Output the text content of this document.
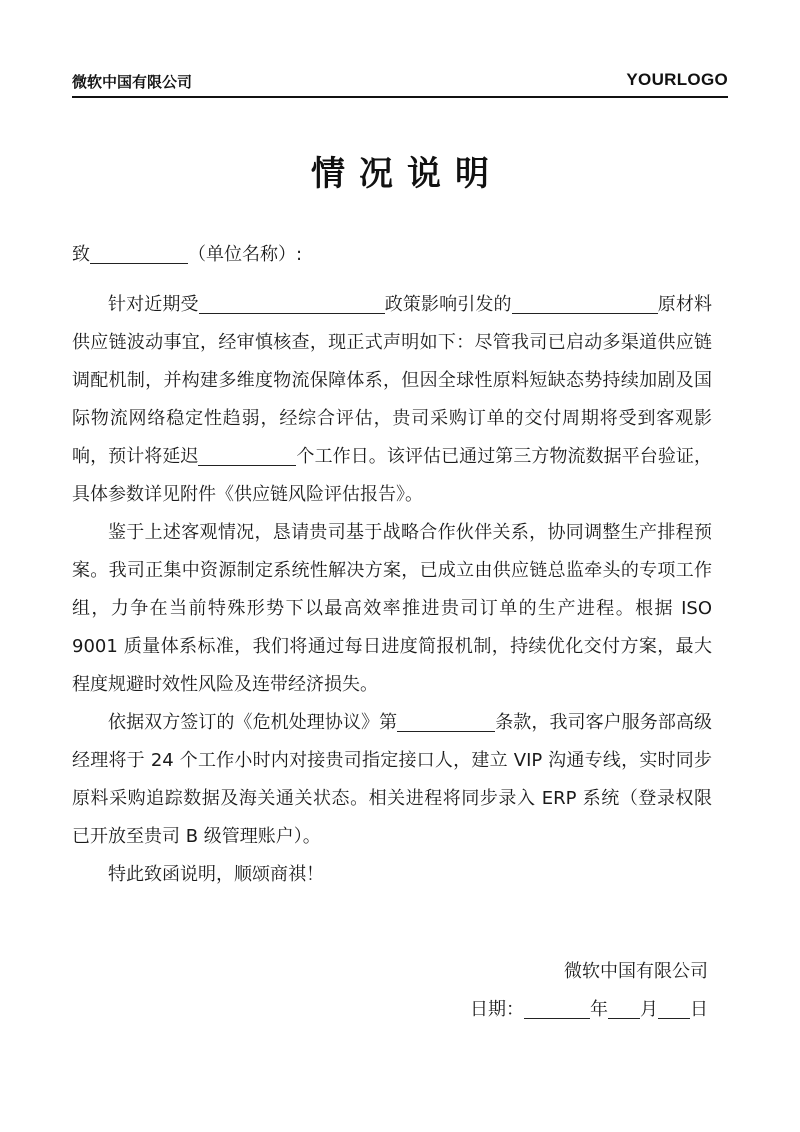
微软中国有限公司	YOURLOGO
情况说明

致	（单位名称）:

针对近期受	政策影响引发的	原材料供应链波动事宜，经审慎核查，现正式声明如下：尽管我司已启动多渠道供应链调配机制，并构建多维度物流保障体系，但因全球性原料短缺态势持续加剧及国际物流网络稳定性趋弱，经综合评估，贵司采购订单的交付周期将受到客观影响，预计将延迟	个工作日。该评估已通过第三方物流数据平台验证，具体参数详见附件《供应链风险评估报告》。

鉴于上述客观情况，恳请贵司基于战略合作伙伴关系，协同调整生产排程预案。我司正集中资源制定系统性解决方案，已成立由供应链总监牵头的专项工作组，力争在当前特殊形势下以最高效率推进贵司订单的生产进程。根据 ISO 9001 质量体系标准，我们将通过每日进度简报机制，持续优化交付方案，最大程度规避时效性风险及连带经济损失。

依据双方签订的《危机处理协议》第	条款，我司客户服务部高级经理将于 24 个工作小时内对接贵司指定接口人，建立 VIP 沟通专线，实时同步原料采购追踪数据及海关通关状态。相关进程将同步录入 ERP 系统（登录权限已开放至贵司 B 级管理账户）。

特此致函说明，顺颂商祺！

微软中国有限公司
日期：	年 月 日
